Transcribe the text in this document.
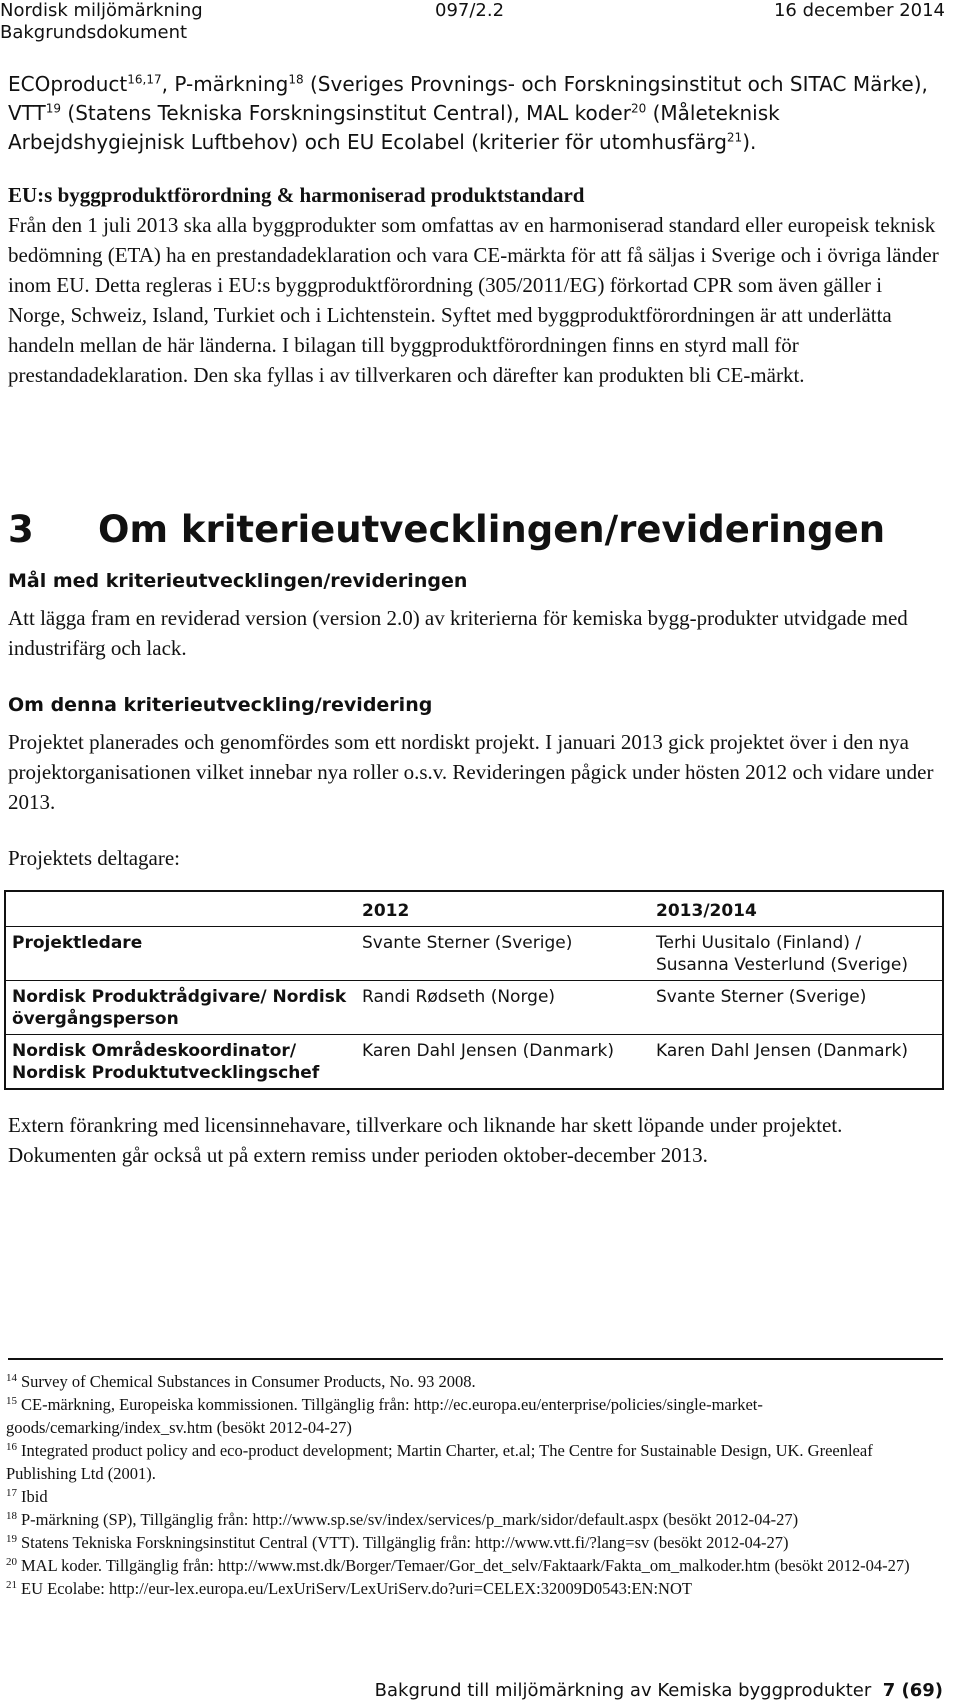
Nordisk miljömärkning	097/2.2	16 december 2014
Bakgrundsdokument
ECOproduct$^{16,17}$, P-märkning$^{18}$ (Sveriges Provnings- och Forskningsinstitut och SITAC Märke), VTT$^{19}$ (Statens Tekniska Forskningsinstitut Central), MAL koder$^{20}$ (Måleteknisk Arbejdshygiejnisk Luftbehov) och EU Ecolabel (kriterier för utomhusfärg$^{21}$).
EU:s byggproduktförordning & harmoniserad produktstandard
Från den 1 juli 2013 ska alla byggprodukter som omfattas av en harmoniserad standard eller europeisk teknisk bedömning (ETA) ha en prestandadeklaration och vara CE-märkta för att få säljas i Sverige och i övriga länder inom EU. Detta regleras i EU:s byggproduktförordning (305/2011/EG) förkortad CPR som även gäller i Norge, Schweiz, Island, Turkiet och i Lichtenstein. Syftet med byggproduktförordningen är att underlätta handeln mellan de här länderna. I bilagan till byggproduktförordningen finns en styrd mall för prestandadeklaration. Den ska fyllas i av tillverkaren och därefter kan produkten bli CE-märkt.
3 Om kriterieutvecklingen/revideringen
Mål med kriterieutvecklingen/revideringen
Att lägga fram en reviderad version (version 2.0) av kriterierna för kemiska bygg-produkter utvidgade med industrifärg och lack.
Om denna kriterieutveckling/revidering
Projektet planerades och genomfördes som ett nordiskt projekt. I januari 2013 gick projektet över i den nya projektorganisationen vilket innebar nya roller o.s.v. Revideringen pågick under hösten 2012 och vidare under 2013.
Projektets deltagare:
	2012	2013/2014
Projektledare	Svante Sterner (Sverige)	Terhi Uusitalo (Finland) / Susanna Vesterlund (Sverige)
Nordisk Produktrådgivare/ Nordisk övergångsperson	Randi Rødseth (Norge)	Svante Sterner (Sverige)
Nordisk Områdeskoordinator/ Nordisk Produktutvecklingschef	Karen Dahl Jensen (Danmark)	Karen Dahl Jensen (Danmark)
Extern förankring med licensinnehavare, tillverkare och liknande har skett löpande under projektet. Dokumenten går också ut på extern remiss under perioden oktober-december 2013.

$^{14}$ Survey of Chemical Substances in Consumer Products, No. 93 2008.

$^{15}$ CE-märkning, Europeiska kommissionen. Tillgänglig från: http://ec.europa.eu/enterprise/policies/single-market-goods/cemarking/index_sv.htm (besökt 2012-04-27)

$^{16}$ Integrated product policy and eco-product development; Martin Charter, et.al; The Centre for Sustainable Design, UK. Greenleaf Publishing Ltd (2001).

$^{17}$ Ibid

$^{18}$ P-märkning (SP), Tillgänglig från: http://www.sp.se/sv/index/services/p_mark/sidor/default.aspx (besökt 2012-04-27)

$^{19}$ Statens Tekniska Forskningsinstitut Central (VTT). Tillgänglig från: http://www.vtt.fi/?lang=sv (besökt 2012-04-27)

$^{20}$ MAL koder. Tillgänglig från: http://www.mst.dk/Borger/Temaer/Gor_det_selv/Faktaark/Fakta_om_malkoder.htm (besökt 2012-04-27)

$^{21}$ EU Ecolabe: http://eur-lex.europa.eu/LexUriServ/LexUriServ.do?uri=CELEX:32009D0543:EN:NOT

Bakgrund till miljömärkning av Kemiska byggprodukter 7 (69)
